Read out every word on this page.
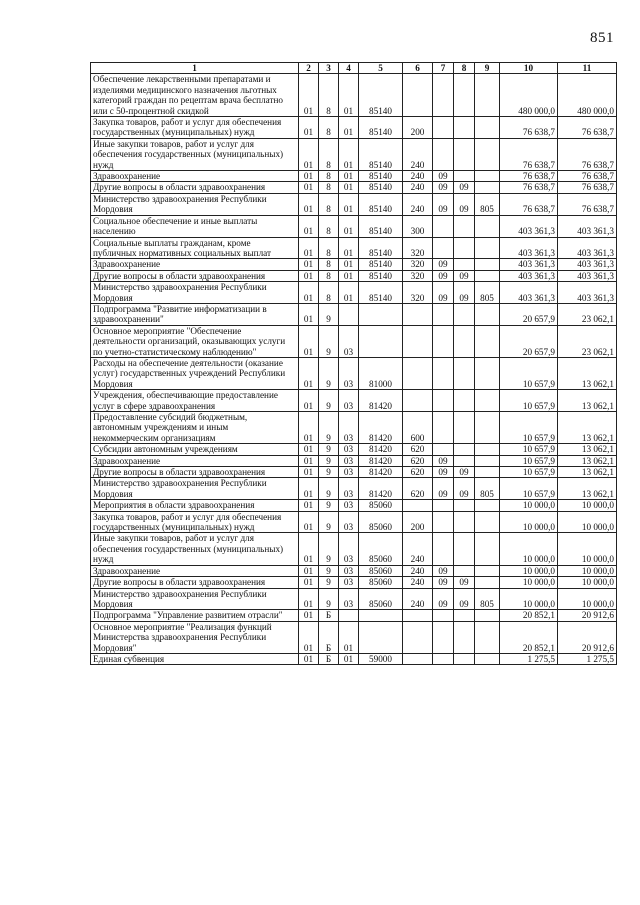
851
1	2	3	4	5	6	7	8	9	10	11
Обеспечение лекарственными препаратами и изделиями медицинского назначения льготных категорий граждан по рецептам врача бесплатно или с 50-процентной скидкой	01	8	01	85140					480 000,0	480 000,0
Закупка товаров, работ и услуг для обеспечения государственных (муниципальных) нужд	01	8	01	85140	200				76 638,7	76 638,7
Иные закупки товаров, работ и услуг для обеспечения государственных (муниципальных) нужд	01	8	01	85140	240				76 638,7	76 638,7
Здравоохранение	01	8	01	85140	240	09			76 638,7	76 638,7
Другие вопросы в области здравоохранения	01	8	01	85140	240	09	09		76 638,7	76 638,7
Министерство здравоохранения Республики Мордовия	01	8	01	85140	240	09	09	805	76 638,7	76 638,7
Социальное обеспечение и иные выплаты населению	01	8	01	85140	300				403 361,3	403 361,3
Социальные выплаты гражданам, кроме публичных нормативных социальных выплат	01	8	01	85140	320				403 361,3	403 361,3
Здравоохранение	01	8	01	85140	320	09			403 361,3	403 361,3
Другие вопросы в области здравоохранения	01	8	01	85140	320	09	09		403 361,3	403 361,3
Министерство здравоохранения Республики Мордовия	01	8	01	85140	320	09	09	805	403 361,3	403 361,3
Подпрограмма "Развитие информатизации в здравоохранении"	01	9							20 657,9	23 062,1
Основное мероприятие "Обеспечение деятельности организаций, оказывающих услуги по учетно-статистическому наблюдению"	01	9	03						20 657,9	23 062,1
Расходы на обеспечение деятельности (оказание услуг) государственных учреждений Республики Мордовия	01	9	03	81000					10 657,9	13 062,1
Учреждения, обеспечивающие предоставление услуг в сфере здравоохранения	01	9	03	81420					10 657,9	13 062,1
Предоставление субсидий бюджетным, автономным учреждениям и иным некоммерческим организациям	01	9	03	81420	600				10 657,9	13 062,1
Субсидии автономным учреждениям	01	9	03	81420	620				10 657,9	13 062,1
Здравоохранение	01	9	03	81420	620	09			10 657,9	13 062,1
Другие вопросы в области здравоохранения	01	9	03	81420	620	09	09		10 657,9	13 062,1
Министерство здравоохранения Республики Мордовия	01	9	03	81420	620	09	09	805	10 657,9	13 062,1
Мероприятия в области здравоохранения	01	9	03	85060					10 000,0	10 000,0
Закупка товаров, работ и услуг для обеспечения государственных (муниципальных) нужд	01	9	03	85060	200				10 000,0	10 000,0
Иные закупки товаров, работ и услуг для обеспечения государственных (муниципальных) нужд	01	9	03	85060	240				10 000,0	10 000,0
Здравоохранение	01	9	03	85060	240	09			10 000,0	10 000,0
Другие вопросы в области здравоохранения	01	9	03	85060	240	09	09		10 000,0	10 000,0
Министерство здравоохранения Республики Мордовия	01	9	03	85060	240	09	09	805	10 000,0	10 000,0
Подпрограмма "Управление развитием отрасли"	01	Б							20 852,1	20 912,6
Основное мероприятие "Реализация функций Министерства здравоохранения Республики Мордовия"	01	Б	01						20 852,1	20 912,6
Единая субвенция	01	Б	01	59000					1 275,5	1 275,5
